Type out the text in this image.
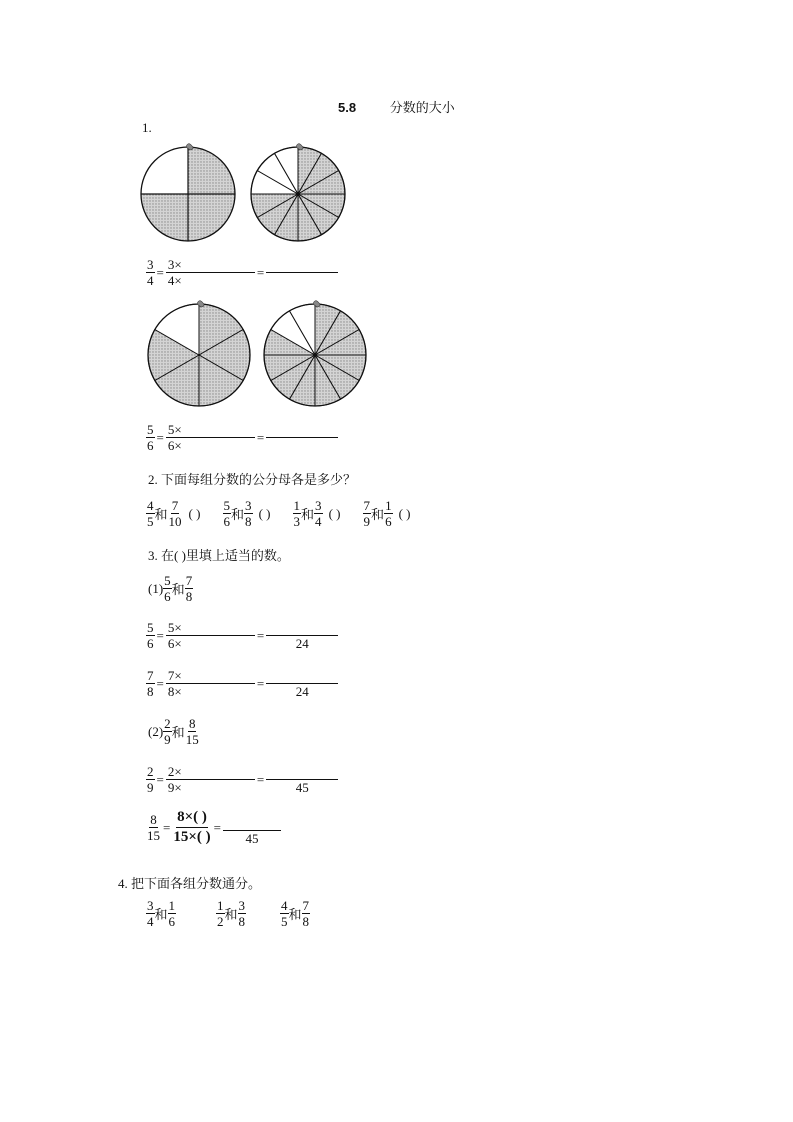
5.8	分数的大小
1.
$\frac{3}{4} = \frac{3\times}{4\times}$ =

$\frac{5}{6} = \frac{5\times}{6\times}$ =

2. 下面每组分数的公分母各是多少？
$\frac{4}{5}$ 和 $\frac{7}{10}$ ( )	$\frac{5}{6}$ 和 $\frac{3}{8}$ ( )	$\frac{1}{3}$ 和 $\frac{3}{4}$ ( )	$\frac{7}{9}$ 和 $\frac{1}{6}$ ( )
3. 在( )里填上适当的数。
$(1) \frac{5}{6}$ 和 $\frac{7}{8}$
$\frac{5}{6} = \frac{5\times}{6\times}$ =
24
$\frac{7}{8} = \frac{7\times}{8\times}$ =
24
$(2) \frac{2}{9}$ 和 $\frac{8}{15}$
$\frac{2}{9} = \frac{2\times}{9\times}$ =
45
$\frac{8}{15} = \frac{8\times( )}{15\times( )}$ =
45
4. 把下面各组分数通分。
$\frac{3}{4}$ 和 $\frac{1}{6}$	$\frac{1}{2}$ 和 $\frac{3}{8}$	$\frac{4}{5}$ 和 $\frac{7}{8}$
